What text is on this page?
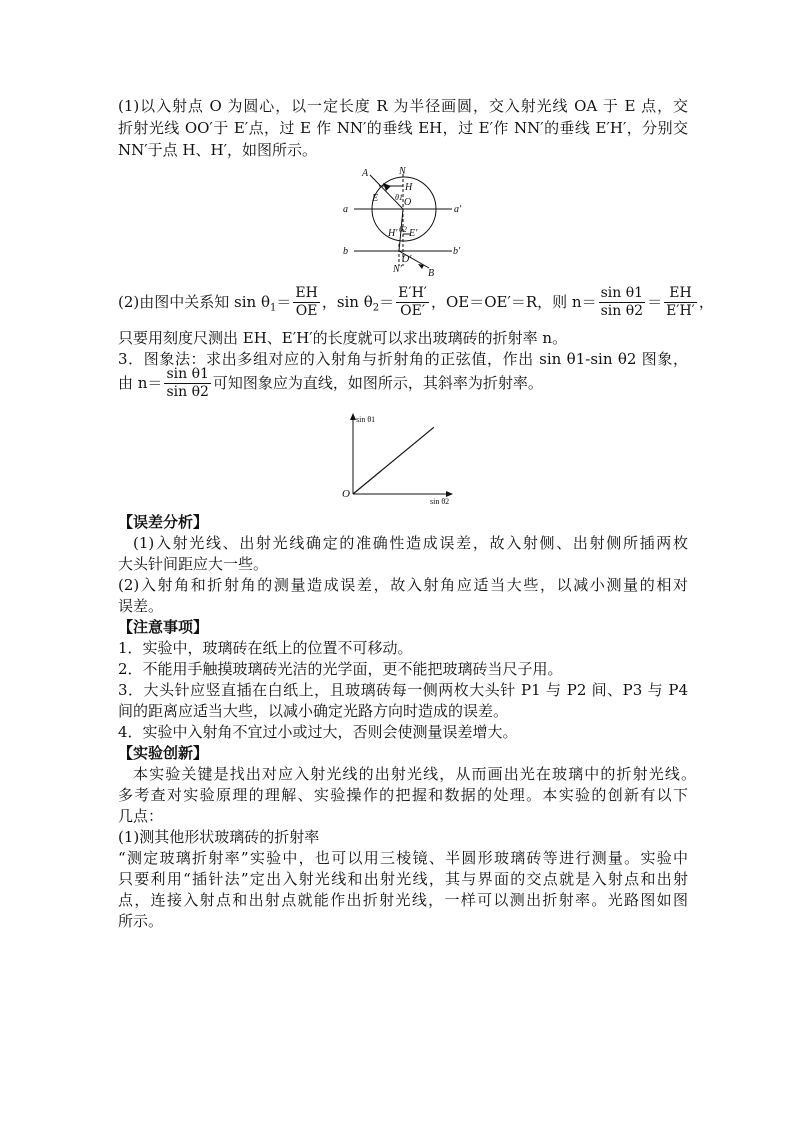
(1)以入射点 O 为圆心，以一定长度 R 为半径画圆，交入射光线 OA 于 E 点，交
折射光线 OO′于 E′点，过 E 作 NN′的垂线 EH，过 E′作 NN′的垂线 E′H′，分别交
NN′于点 H、H′，如图所示。
A	N
H
θ1
E	O
a	a′
H′ θ2 E′
b	b′
O′
N′	B
(2)由图中关系知 $\sin \theta_1= \frac{EH}{OE}$ ，$\sin \theta_2= \frac{E'H'}{OE'}$ ，OE＝OE′＝R，则 $n= \frac{\text{sin θ1}}{\text{sin θ2}} = \frac{EH}{E'H'}$ ，
只要用刻度尺测出 EH、E′H′的长度就可以求出玻璃砖的折射率 n。
3．图象法：求出多组对应的入射角与折射角的正弦值，作出 sin θ1-sin θ2 图象，
由 $n= \frac{\text{sin θ1}}{\text{sin θ2}}$ 可知图象应为直线，如图所示，其斜率为折射率。
O
sin θ1
sin θ2
【误差分析】
(1)入射光线、出射光线确定的准确性造成误差，故入射侧、出射侧所插两枚
大头针间距应大一些。
(2)入射角和折射角的测量造成误差，故入射角应适当大些，以减小测量的相对
误差。
【注意事项】
1．实验中，玻璃砖在纸上的位置不可移动。
2．不能用手触摸玻璃砖光洁的光学面，更不能把玻璃砖当尺子用。
3．大头针应竖直插在白纸上，且玻璃砖每一侧两枚大头针 P1 与 P2 间、P3 与 P4
间的距离应适当大些，以减小确定光路方向时造成的误差。
4．实验中入射角不宜过小或过大，否则会使测量误差增大。
【实验创新】
本实验关键是找出对应入射光线的出射光线，从而画出光在玻璃中的折射光线。
多考查对实验原理的理解、实验操作的把握和数据的处理。本实验的创新有以下
几点：
(1)测其他形状玻璃砖的折射率
“测定玻璃折射率”实验中，也可以用三棱镜、半圆形玻璃砖等进行测量。实验中
只要利用“插针法”定出入射光线和出射光线，其与界面的交点就是入射点和出射
点，连接入射点和出射点就能作出折射光线，一样可以测出折射率。光路图如图
所示。
